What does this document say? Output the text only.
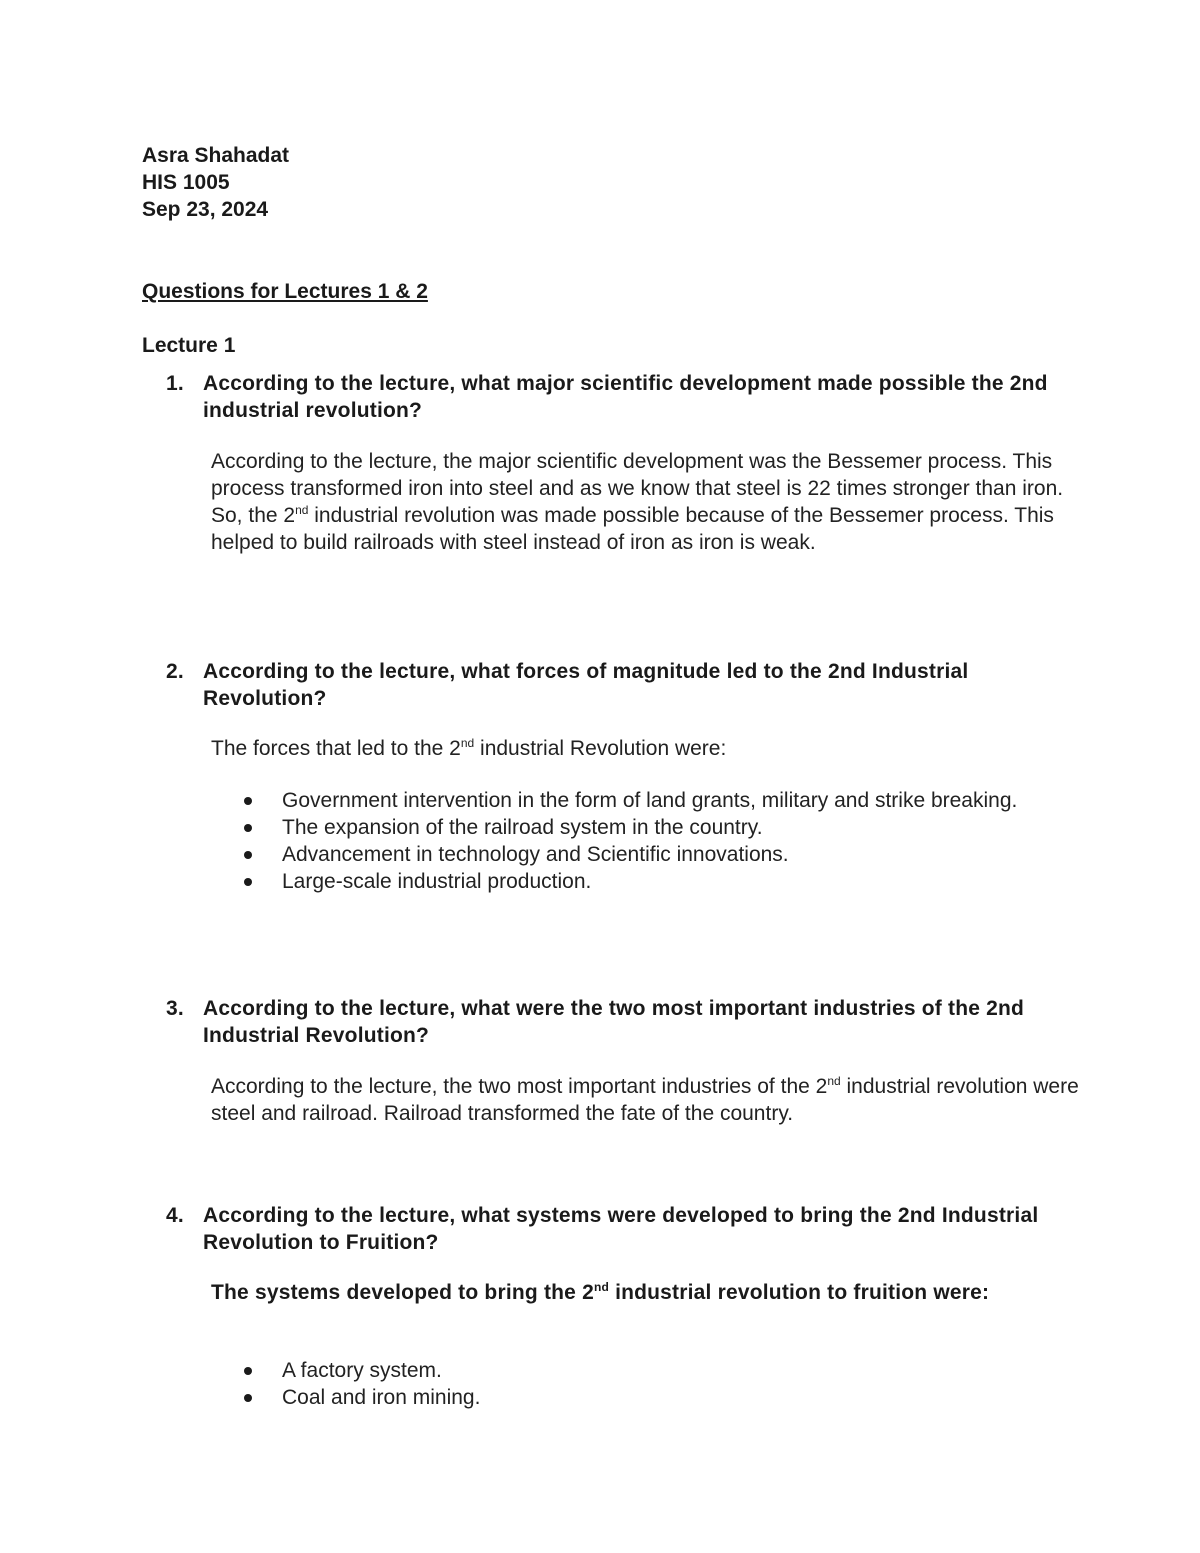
Asra Shahadat
HIS 1005
Sep 23, 2024
Questions for Lectures 1 & 2
Lecture 1
1. According to the lecture, what major scientific development made possible the 2nd industrial revolution?
According to the lecture, the major scientific development was the Bessemer process. This process transformed iron into steel and as we know that steel is 22 times stronger than iron. So, the 2nd industrial revolution was made possible because of the Bessemer process. This helped to build railroads with steel instead of iron as iron is weak.
2. According to the lecture, what forces of magnitude led to the 2nd Industrial Revolution?
The forces that led to the 2nd industrial Revolution were:
Government intervention in the form of land grants, military and strike breaking.
The expansion of the railroad system in the country.
Advancement in technology and Scientific innovations.
Large-scale industrial production.
3. According to the lecture, what were the two most important industries of the 2nd Industrial Revolution?
According to the lecture, the two most important industries of the 2nd industrial revolution were steel and railroad. Railroad transformed the fate of the country.
4. According to the lecture, what systems were developed to bring the 2nd Industrial Revolution to Fruition?
The systems developed to bring the 2nd industrial revolution to fruition were:
A factory system.
Coal and iron mining.
